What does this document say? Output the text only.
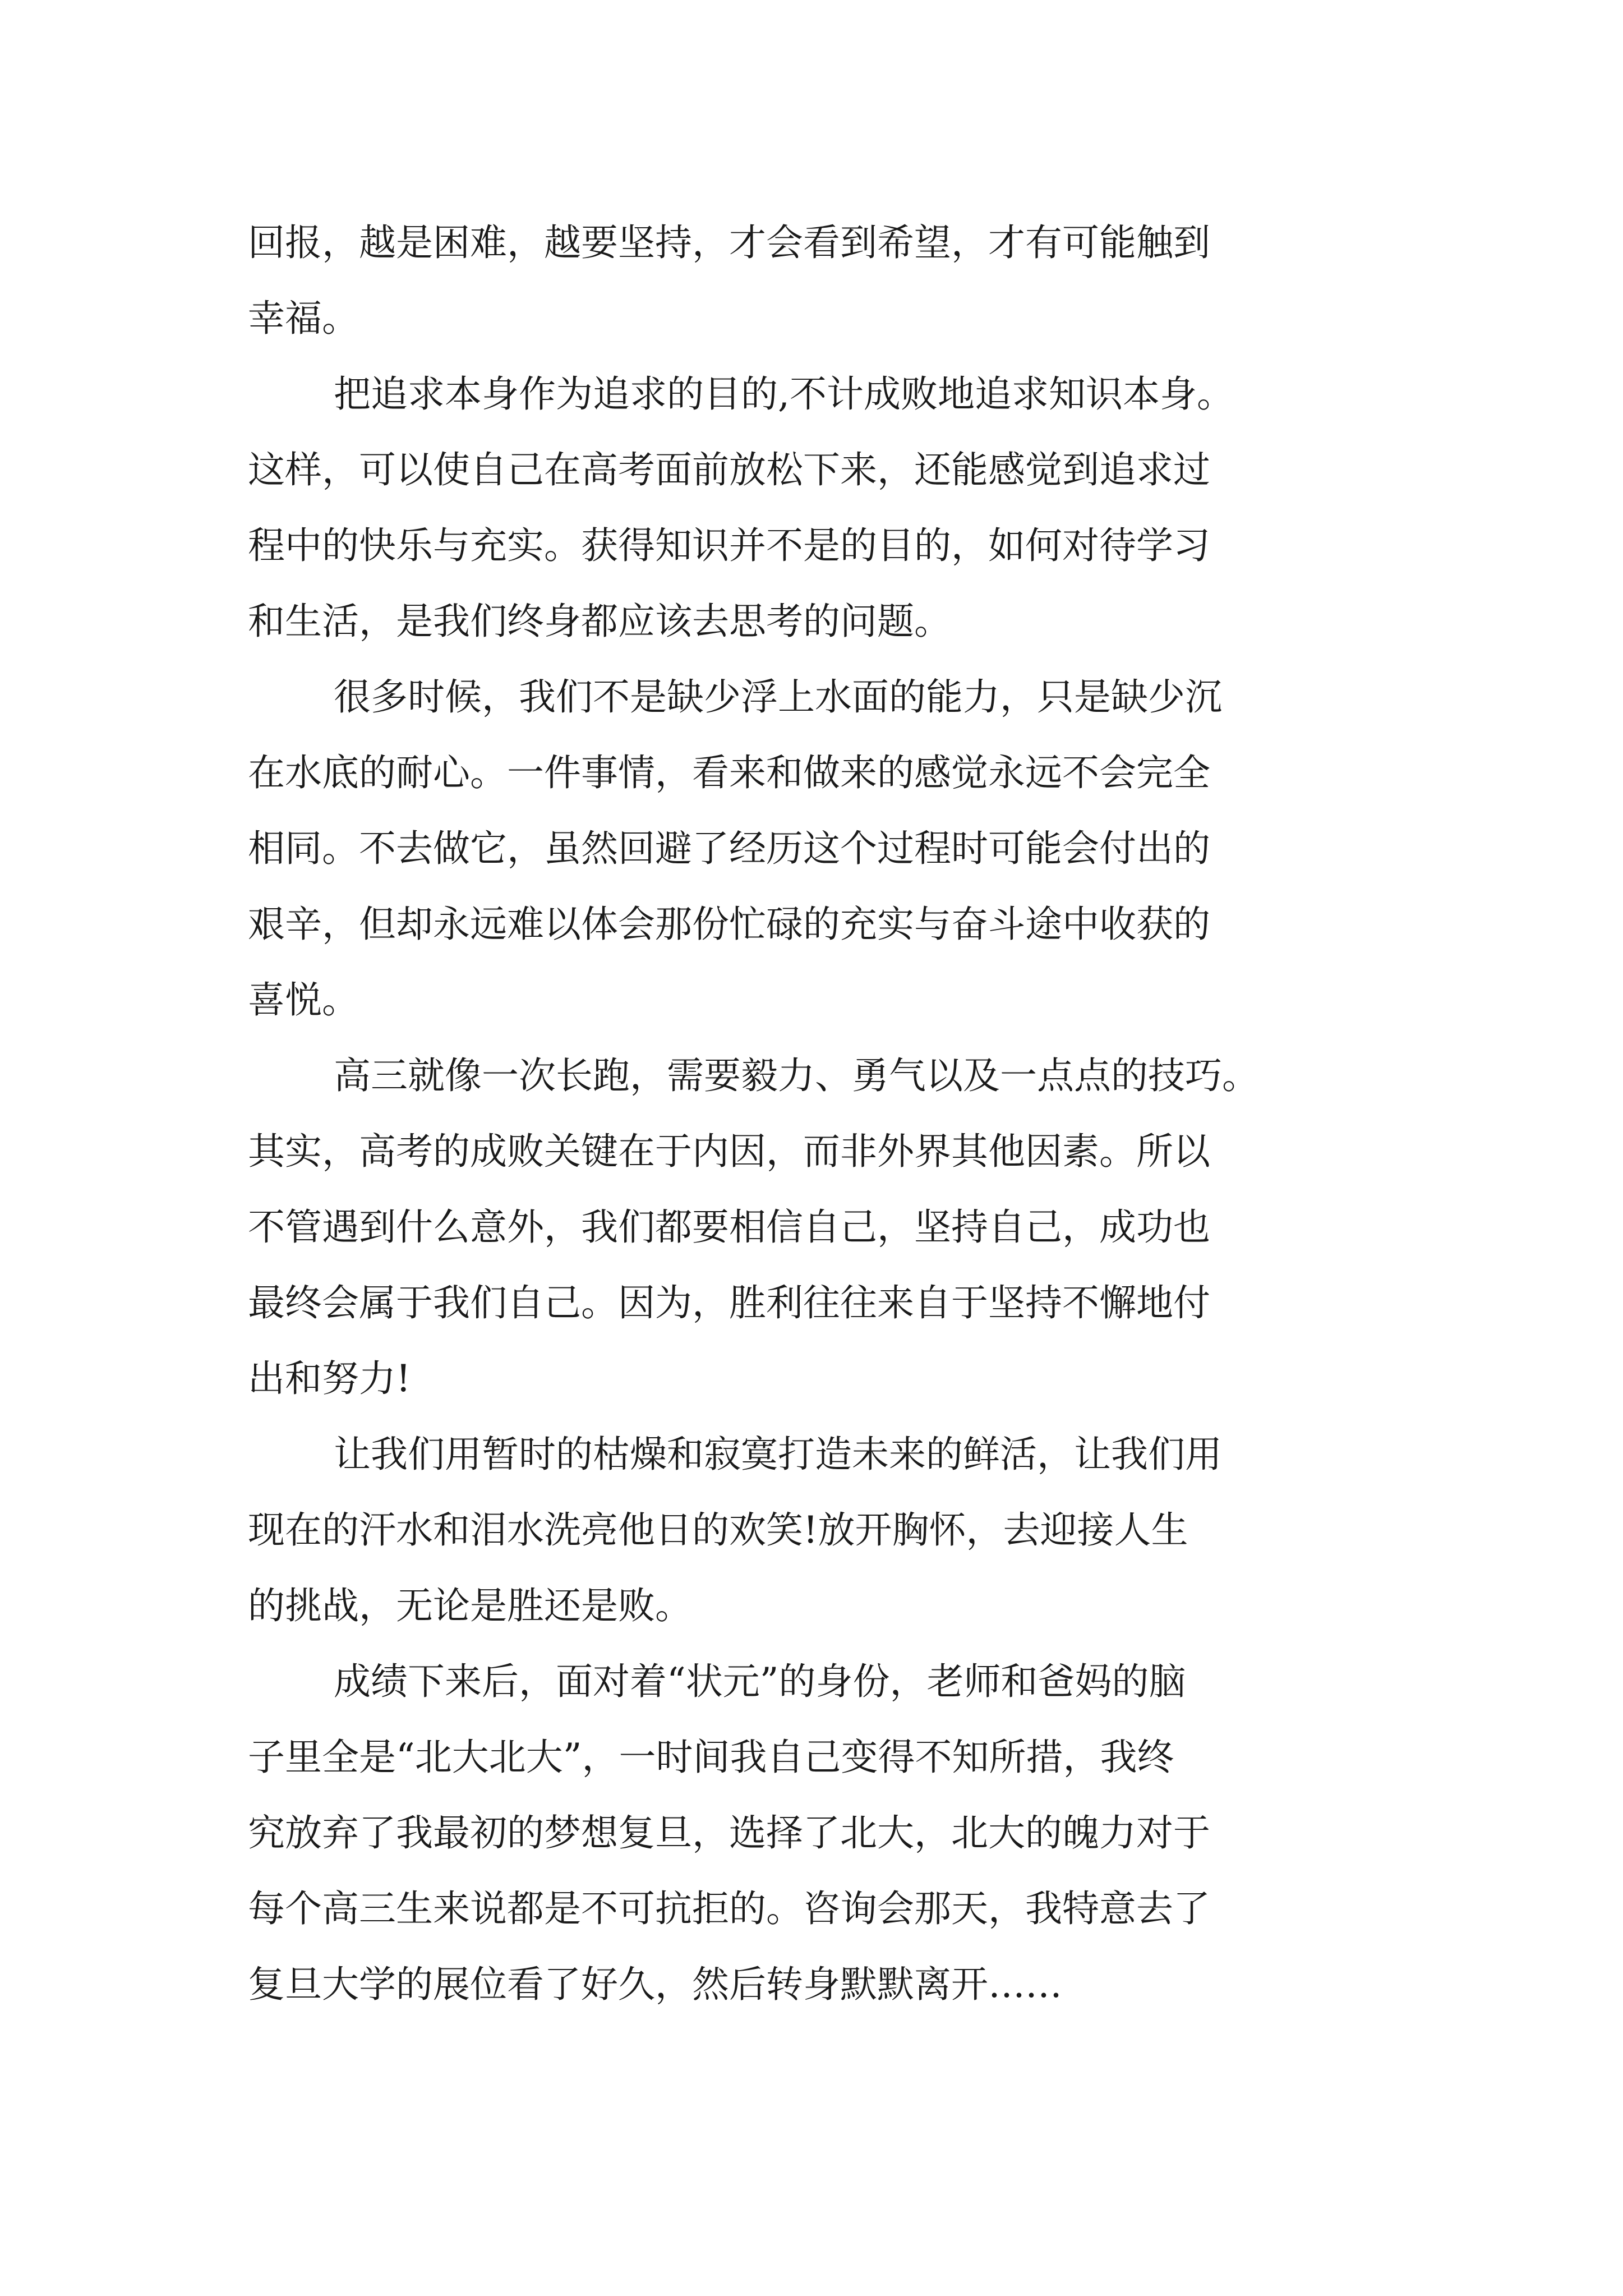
回报，越是困难，越要坚持，才会看到希望，才有可能触到
幸福。
把追求本身作为追求的目的,不计成败地追求知识本身。
这样，可以使自己在高考面前放松下来，还能感觉到追求过
程中的快乐与充实。获得知识并不是的目的，如何对待学习
和生活，是我们终身都应该去思考的问题。
很多时候，我们不是缺少浮上水面的能力，只是缺少沉
在水底的耐心。一件事情，看来和做来的感觉永远不会完全
相同。不去做它，虽然回避了经历这个过程时可能会付出的
艰辛，但却永远难以体会那份忙碌的充实与奋斗途中收获的
喜悦。
高三就像一次长跑，需要毅力、勇气以及一点点的技巧。
其实，高考的成败关键在于内因，而非外界其他因素。所以
不管遇到什么意外，我们都要相信自己，坚持自己，成功也
最终会属于我们自己。因为，胜利往往来自于坚持不懈地付
出和努力!
让我们用暂时的枯燥和寂寞打造未来的鲜活，让我们用
现在的汗水和泪水洗亮他日的欢笑!放开胸怀，去迎接人生
的挑战，无论是胜还是败。
成绩下来后，面对着“状元”的身份，老师和爸妈的脑
子里全是“北大北大”，一时间我自己变得不知所措，我终
究放弃了我最初的梦想复旦，选择了北大，北大的魄力对于
每个高三生来说都是不可抗拒的。咨询会那天，我特意去了
复旦大学的展位看了好久，然后转身默默离开……
